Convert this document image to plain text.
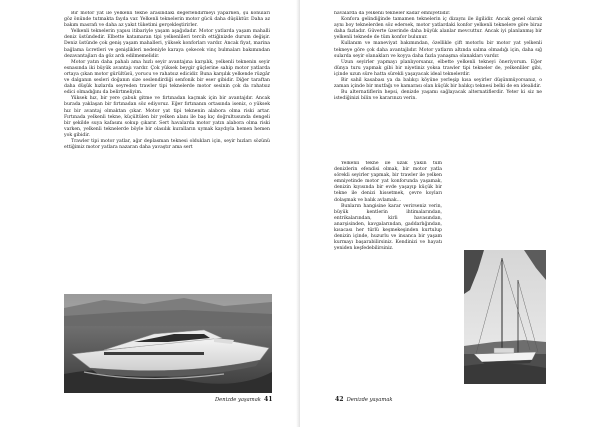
Bir motor yat ile yelkenli tekne arasındaki değerlendirmeyi yaparken, şu konuları göz önünde tutmakta fayda var. Yelkenli teknelerin motor gücü daha düşüktür. Daha az bakım masrafı ve daha az yakıt tüketimi gerçekleştirirler.

Yelkenli teknelerin yapısı itibariyle yaşam aşağıdadır. Motor yatlarda yaşam mahalli deniz üstündedir. Elbette katamaran tipi yelkenlileri tercih ettiğinizde durum değişir. Deniz üstünde çok geniş yaşam mahalleri, yüksek konforları vardır. Ancak fiyat, marina bağlama ücretleri ve genişlikleri nedeniyle karaya çekecek vinç bulmaları bakımından dezavantajları da göz ardı edilmemelidir.

Motor yatın daha pahalı ama hızlı seyir avantajına karşılık, yelkenli teknenin seyir esnasında iki büyük avantajı vardır. Çok yüksek beygir güçlerine sahip motor yatlarda ortaya çıkan motor gürültüsü, yorucu ve rahatsız edicidir. Buna karşılık yelkende rüzgâr ve dalganın sesleri doğanın size seslendirdiği senfonik bir eser gibidir. Diğer taraftan daha düşük hızlarda seyreden trawler tipi teknelerde motor sesinin çok da rahatsız edici olmadığını da belirtmeliyim.

Yüksek hız, bir yere çabuk gitme ve fırtınadan kaçmak için bir avantajdır. Ancak burada yaklaşan bir fırtınadan söz ediyoruz. Eğer fırtınanın ortasında iseniz, o yüksek hız bir avantaj olmaktan çıkar. Motor yat tipi teknenin alabora olma riski artar. Fırtınada yelkenli tekne, küçültülen bir yelken alanı ile baş kıç doğrultusunda dengeli bir şekilde suya kafasını sokup çıkarır. Sert havalarda motor yatın alabora olma riski varken, yelkenli teknelerde böyle bir olasılık kuralların uymak kaydıyla hemen hemen yok gibidir.

Trawler tipi motor yatlar, ağır deplasman teknesi oldukları için, seyir hızları sözünü ettiğimiz motor yatlara nazaran daha yavaştır ama sert

Denizde yaşamak 41

havalarda da yelkenli tekneler kadar emniyetlidir.

Konfora gelindiğinde tamamen teknelerin iç dizaynı ile ilgilidir. Ancak genel olarak aynı boy teknelerden söz edersek, motor yatlardaki konfor yelkenli teknelere göre biraz daha fazladır. Güverte üzerinde daha büyük alanlar mevcuttur. Ancak iyi planlanmış bir yelkenli teknede de tüm konfor bulunur.

Kullanım ve maneviyat bakımından, özellikle çift motorlu bir motor yat yelkenli tekneye göre çok daha avantajlıdır. Motor yatların altında salma olmadığı için, daha sığ sularda seyir olanakları ve koyya daha fazla yanaşma olanakları vardır.

Uzun seyirler yapmayı planlıyorsanız, elbette yelkenli tekneyi öneriyorum. Eğer dünya turu yapmak gibi bir niyetiniz yoksa trawler tipi tekneler de, yelkenliler gibi, içinde uzun süre hatta sürekli yaşayacak ideal teknelerdir.

Bir sahil kasabası ya da balıkçı köyüne yerleşip kısa seyirler düşünmüyorsanız, o zaman içinde bir mutfağı ve kamarası olan küçük bir balıkçı teknesi belki de en idealidir.

Bu alternatiflerin hepsi, denizde yaşamı sağlayacak alternatiflerdir. Yeter ki siz ne istediğinizi bilin ve kararınızı verin.

Yelkenli tekne ile uzak yakın tüm denizlerin efendisi olmak, bir motor yatla sörekli seyirler yapmak, bir trawler ile yelken emniyetinde motor yat konforunda yaşamak, denizin kıyısında bir evde yaşayıp küçük bir tekne ile denizi hissetmek, çevre koyları dolaşmak ve balık avlamak…

Bunların hangisine karar verirseniz verin, büyük kentlerin ihtimalarından, entrikalarından, kirli havasından, anarşisinden, kavgalarından, gaddarlığından, kısacası her türlü keşmekeşinden kurtulup denizin içinde, huzurlu ve insanca bir yaşam kurmayı başarabilirsiniz. Kendinizi ve hayatı yeniden keşfedebilirsiniz.

42 Denizde yaşamak
